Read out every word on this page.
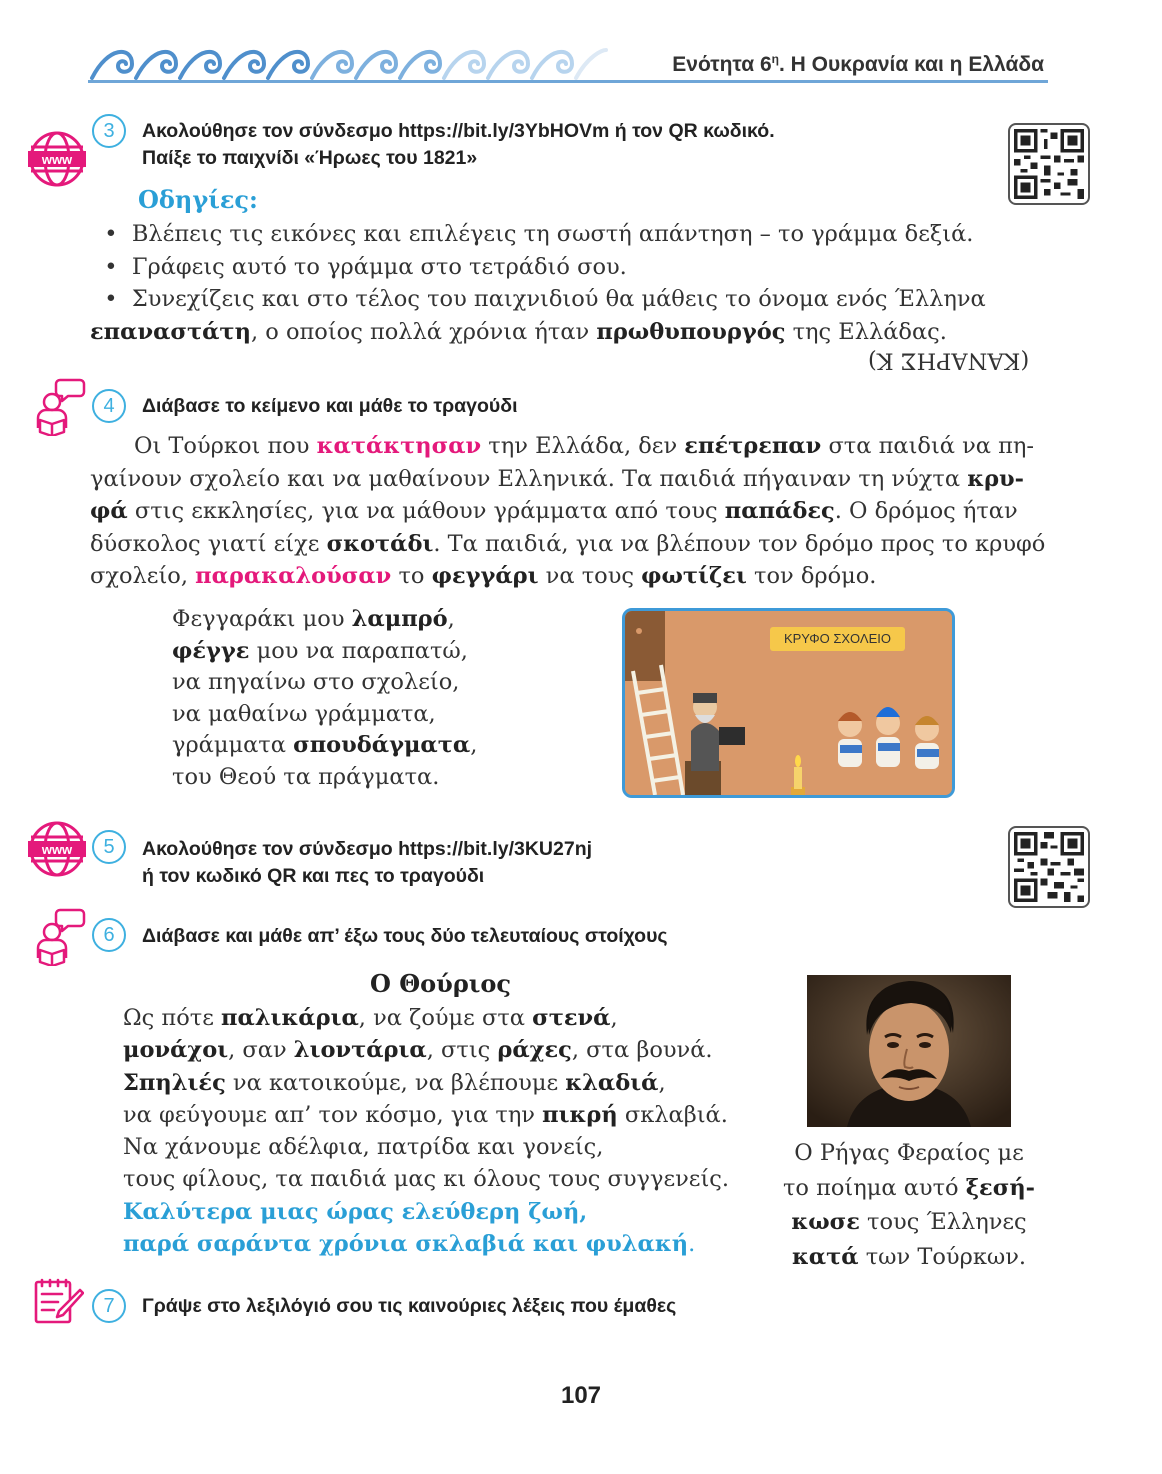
Ενότητα $6^\eta$. Η Ουκρανία και η Ελλάδα
www
3	Ακολούθησε τον σύνδεσμο https://bit.ly/3YbHOVm ή τον QR κωδικό.
Παίξε το παιχνίδι «Ήρωες του 1821»
Οδηγίες:
•  Βλέπεις τις εικόνες και επιλέγεις τη σωστή απάντηση – το γράμμα δεξιά.
•  Γράφεις αυτό το γράμμα στο τετράδιό σου.
•  Συνεχίζεις και στο τέλος του παιχνιδιού θα μάθεις το όνομα ενός Έλληνα
επαναστάτη, ο οποίος πολλά χρόνια ήταν πρωθυπουργός της Ελλάδας.
(ΚΑΝΑΡΗΣ Κ)
4	Διάβασε το κείμενο και μάθε το τραγούδι
Οι Τούρκοι που κατάκτησαν την Ελλάδα, δεν επέτρεπαν στα παιδιά να πη-
γαίνουν σχολείο και να μαθαίνουν Ελληνικά. Τα παιδιά πήγαιναν τη νύχτα κρυ-
φά στις εκκλησίες, για να μάθουν γράμματα από τους παπάδες. Ο δρόμος ήταν
δύσκολος γιατί είχε σκοτάδι. Τα παιδιά, για να βλέπουν τον δρόμο προς το κρυφό
σχολείο, παρακαλούσαν το φεγγάρι να τους φωτίζει τον δρόμο.
Φεγγαράκι μου λαμπρό,
φέγγε μου να παραπατώ,
να πηγαίνω στο σχολείο,
να μαθαίνω γράμματα,
γράμματα σπουδάγματα,
του Θεού τα πράγματα.
ΚΡΥΦΟ ΣΧΟΛΕΙΟ
www	5	Ακολούθησε τον σύνδεσμο https://bit.ly/3KU27nj
ή τον κωδικό QR και πες το τραγούδι
6	Διάβασε και μάθε απ’ έξω τους δύο τελευταίους στοίχους
Ο Θούριος
Ως πότε παλικάρια, να ζούμε στα στενά,
μονάχοι, σαν λιοντάρια, στις ράχες, στα βουνά.
Σπηλιές να κατοικούμε, να βλέπουμε κλαδιά,
να φεύγουμε απ’ τον κόσμο, για την πικρή σκλαβιά.
Να χάνουμε αδέλφια, πατρίδα και γονείς,
τους φίλους, τα παιδιά μας κι όλους τους συγγενείς.
Καλύτερα μιας ώρας ελεύθερη ζωή,
παρά σαράντα χρόνια σκλαβιά και φυλακή.
Ο Ρήγας Φεραίος με
το ποίημα αυτό ξεσή-
κωσε τους Έλληνες
κατά των Τούρκων.
7	Γράψε στο λεξιλόγιό σου τις καινούριες λέξεις που έμαθες
107
